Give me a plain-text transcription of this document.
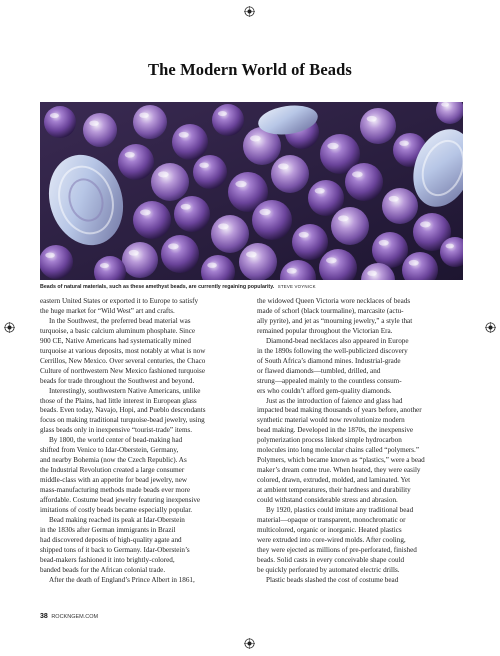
The Modern World of Beads
Beads of natural materials, such as these amethyst beads, are currently regaining popularity. STEVE VOYNICK

eastern United States or exported it to Europe to satisfy

the huge market for “Wild West” art and crafts.

In the Southwest, the preferred bead material was

turquoise, a basic calcium aluminum phosphate. Since

900 CE, Native Americans had systematically mined

turquoise at various deposits, most notably at what is now

Cerrillos, New Mexico. Over several centuries, the Chaco

Culture of northwestern New Mexico fashioned turquoise

beads for trade throughout the Southwest and beyond.

Interestingly, southwestern Native Americans, unlike

those of the Plains, had little interest in European glass

beads. Even today, Navajo, Hopi, and Pueblo descendants

focus on making traditional turquoise-bead jewelry, using

glass beads only in inexpensive “tourist-trade” items.

By 1800, the world center of bead-making had

shifted from Venice to Idar-Oberstein, Germany,

and nearby Bohemia (now the Czech Republic). As

the Industrial Revolution created a large consumer

middle-class with an appetite for bead jewelry, new

mass-manufacturing methods made beads ever more

affordable. Costume bead jewelry featuring inexpensive

imitations of costly beads became especially popular.

Bead making reached its peak at Idar-Oberstein

in the 1830s after German immigrants in Brazil

had discovered deposits of high-quality agate and

shipped tons of it back to Germany. Idar-Oberstein’s

bead-makers fashioned it into brightly-colored,

banded beads for the African colonial trade.

After the death of England’s Prince Albert in 1861,

the widowed Queen Victoria wore necklaces of beads

made of schorl (black tourmaline), marcasite (actu-

ally pyrite), and jet as “mourning jewelry,” a style that

remained popular throughout the Victorian Era.

Diamond-bead necklaces also appeared in Europe

in the 1890s following the well-publicized discovery

of South Africa’s diamond mines. Industrial-grade

or flawed diamonds—tumbled, drilled, and

strung—appealed mainly to the countless consum-

ers who couldn’t afford gem-quality diamonds.

Just as the introduction of faience and glass had

impacted bead making thousands of years before, another

synthetic material would now revolutionize modern

bead making. Developed in the 1870s, the inexpensive

polymerization process linked simple hydrocarbon

molecules into long molecular chains called “polymers.”

Polymers, which became known as “plastics,” were a bead

maker’s dream come true. When heated, they were easily

colored, drawn, extruded, molded, and laminated. Yet

at ambient temperatures, their hardness and durability

could withstand considerable stress and abrasion.

By 1920, plastics could imitate any traditional bead

material—opaque or transparent, monochromatic or

multicolored, organic or inorganic. Heated plastics

were extruded into core-wired molds. After cooling,

they were ejected as millions of pre-perforated, finished

beads. Solid casts in every conceivable shape could

be quickly perforated by automated electric drills.

Plastic beads slashed the cost of costume bead

38 ROCKNGEM.COM
